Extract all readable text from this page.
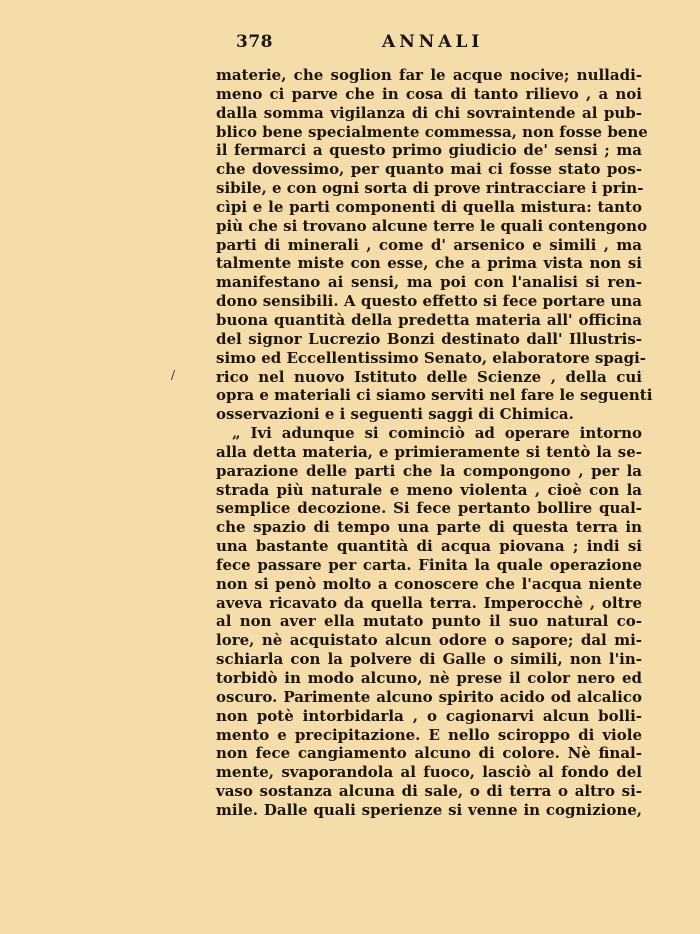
378	ANNALI
/
materie, che soglion far le acque nocive; nulladi-
meno ci parve che in cosa di tanto rilievo , a noi
dalla somma vigilanza di chi sovraintende al pub-
blico bene specialmente commessa, non fosse bene
il fermarci a questo primo giudicio de' sensi ; ma
che dovessimo, per quanto mai ci fosse stato pos-
sibile, e con ogni sorta di prove rintracciare i prin-
cìpi e le parti componenti di quella mistura: tanto
più che si trovano alcune terre le quali contengono
parti di minerali , come d' arsenico e simili , ma
talmente miste con esse, che a prima vista non si
manifestano ai sensi, ma poi con l'analisi si ren-
dono sensibili. A questo effetto si fece portare una
buona quantità della predetta materia all' officina
del signor Lucrezio Bonzi destinato dall' Illustris-
simo ed Eccellentissimo Senato, elaboratore spagi-
rico nel nuovo Istituto delle Scienze , della cui
opra e materiali ci siamo serviti nel fare le seguenti
osservazioni e i seguenti saggi di Chimica.
„ Ivi adunque si cominciò ad operare intorno
alla detta materia, e primieramente si tentò la se-
parazione delle parti che la compongono , per la
strada più naturale e meno violenta , cioè con la
semplice decozione. Si fece pertanto bollire qual-
che spazio di tempo una parte di questa terra in
una bastante quantità di acqua piovana ; indi si
fece passare per carta. Finita la quale operazione
non si penò molto a conoscere che l'acqua niente
aveva ricavato da quella terra. Imperocchè , oltre
al non aver ella mutato punto il suo natural co-
lore, nè acquistato alcun odore o sapore; dal mi-
schiarla con la polvere di Galle o simili, non l'in-
torbidò in modo alcuno, nè prese il color nero ed
oscuro. Parimente alcuno spirito acido od alcalico
non potè intorbidarla , o cagionarvi alcun bolli-
mento e precipitazione. E nello sciroppo di viole
non fece cangiamento alcuno di colore. Nè final-
mente, svaporandola al fuoco, lasciò al fondo del
vaso sostanza alcuna di sale, o di terra o altro si-
mile. Dalle quali sperienze si venne in cognizione,
